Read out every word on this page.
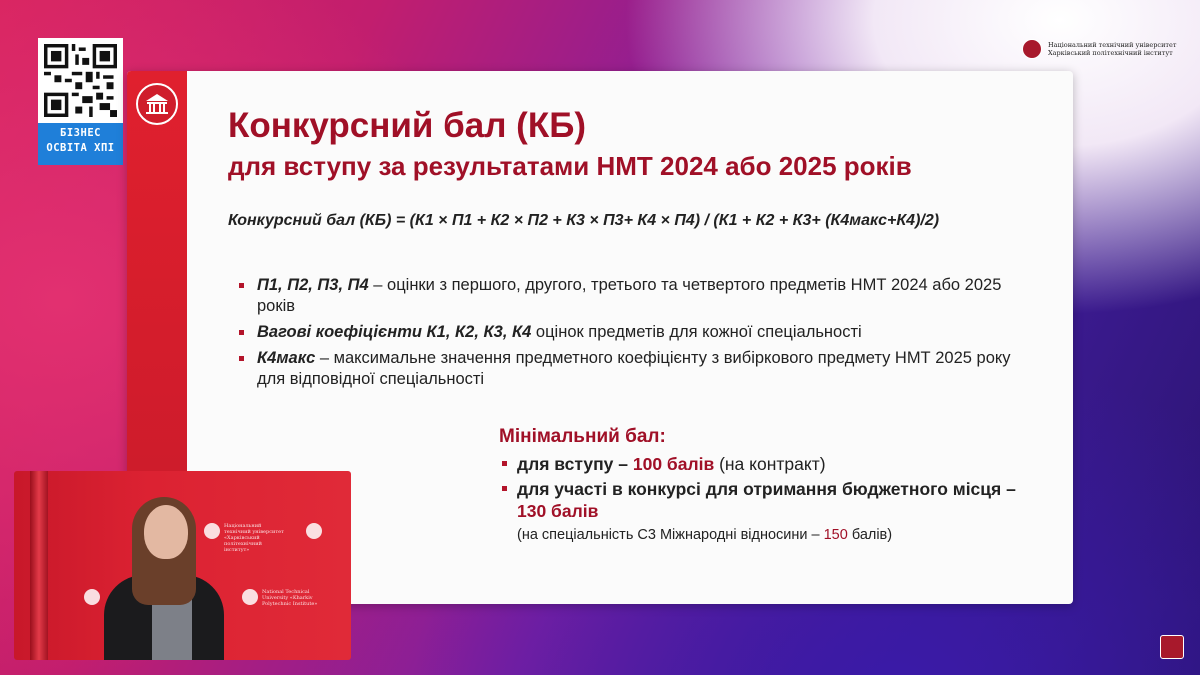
БІЗНЕС
ОСВІТА ХПІ
Національний технічний університет
Харківський політехнічний інститут
Конкурсний бал (КБ)
для вступу за результатами НМТ 2024 або 2025 років
Конкурсний бал (КБ) = (К1 × П1 + К2 × П2 + К3 × П3+ К4 × П4) / (К1 + К2 + К3+ (К4макс+К4)/2)
П1, П2, П3, П4 – оцінки з першого, другого, третього та четвертого предметів НМТ 2024 або 2025 років
Вагові коефіцієнти К1, К2, К3, К4 оцінок предметів для кожної спеціальності
К4макс – максимальне значення предметного коефіцієнту з вибіркового предмету НМТ 2025 року для відповідної спеціальності
Мінімальний бал:
для вступу – 100 балів (на контракт)
для участі в конкурсі для отримання бюджетного місця – 130 балів
(на спеціальність С3 Міжнародні відносини – 150 балів)
Національний технічний університет «Харківський політехнічний інститут»
National Technical University «Kharkiv Polytechnic Institute»
